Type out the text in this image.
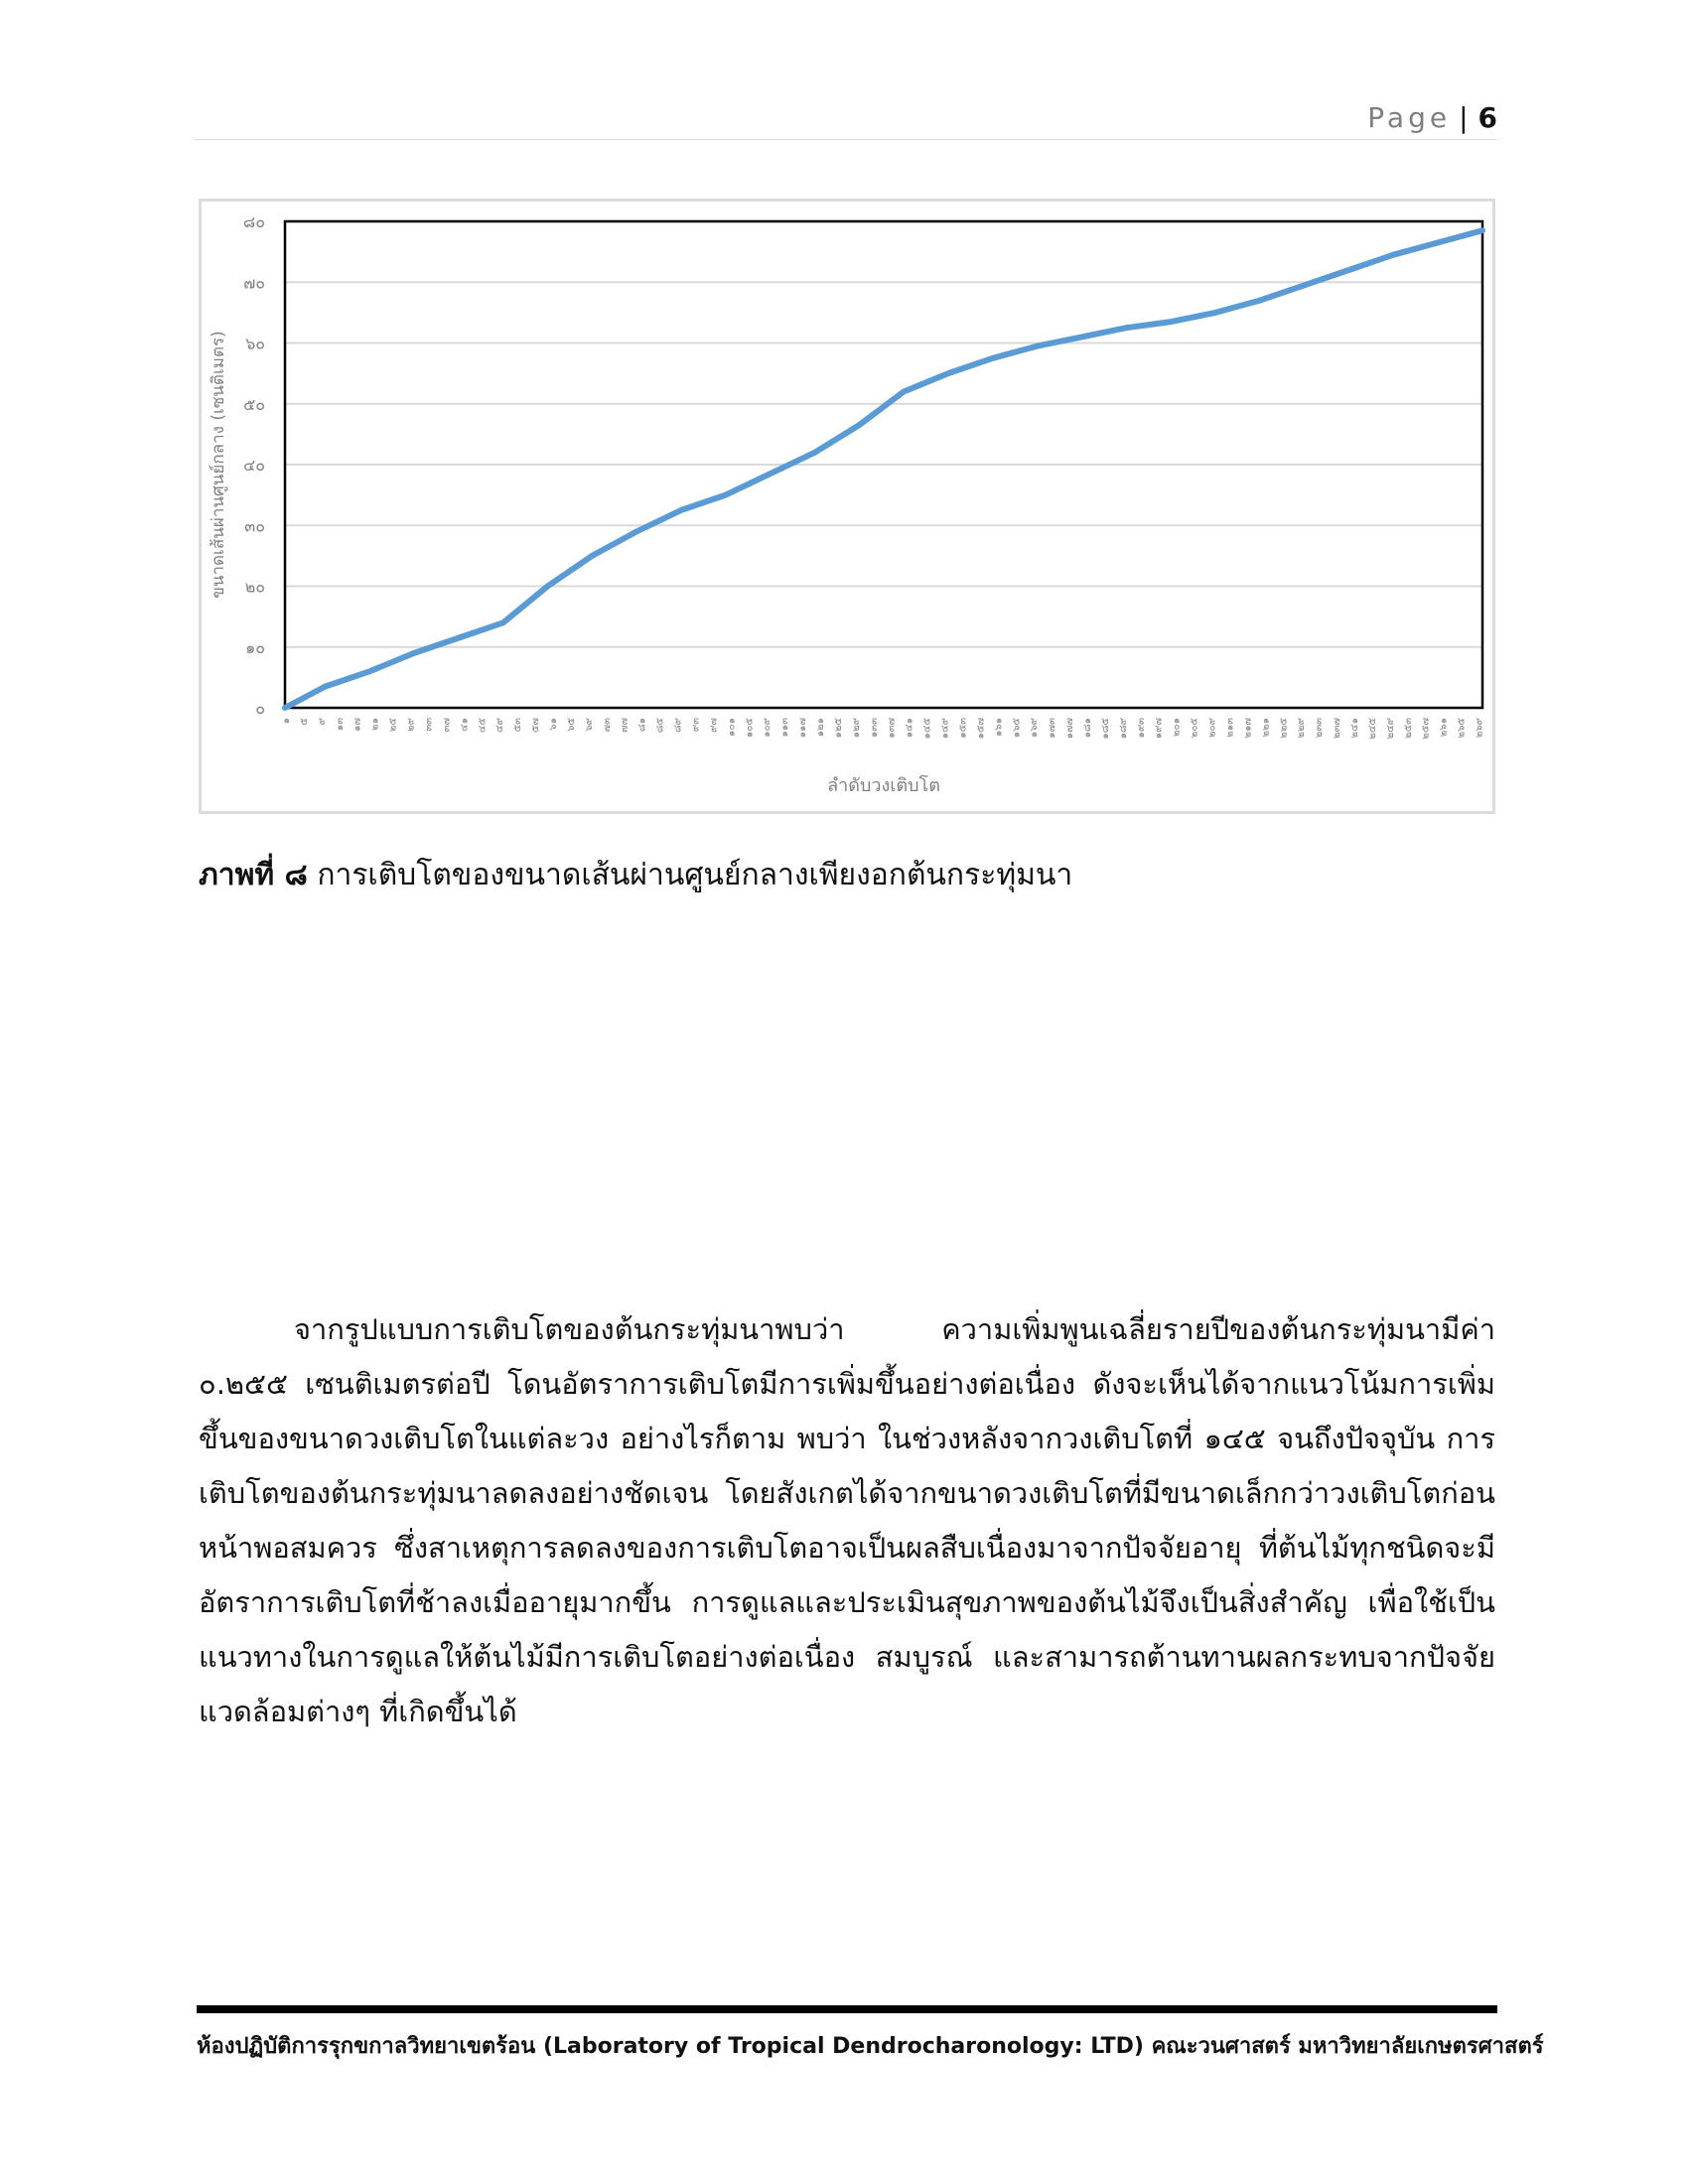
Page | 6
๐
๑๐
๒๐
๓๐
๔๐
๕๐
๖๐
๗๐
๘๐
๑ ๕ ๙ ๑๓ ๑๗ ๒๑ ๒๕ ๒๙ ๓๓ ๓๗ ๔๑ ๔๕ ๔๙ ๕๓ ๕๗ ๖๑ ๖๕ ๖๙ ๗๓ ๗๗ ๘๑ ๘๕ ๘๙ ๙๓ ๙๗ ๑๐๑ ๑๐๕ ๑๐๙ ๑๑๓ ๑๑๗ ๑๒๑ ๑๒๕ ๑๒๙ ๑๓๓ ๑๓๗ ๑๔๑ ๑๔๕ ๑๔๙ ๑๕๓ ๑๕๗ ๑๖๑ ๑๖๕ ๑๖๙ ๑๗๓ ๑๗๗ ๑๘๑ ๑๘๕ ๑๘๙ ๑๙๓ ๑๙๗ ๒๐๑ ๒๐๕ ๒๐๙ ๒๑๓ ๒๑๗ ๒๒๑ ๒๒๕ ๒๒๙ ๒๓๓ ๒๓๗ ๒๔๑ ๒๔๕ ๒๔๙ ๒๕๓ ๒๕๗ ๒๖๑ ๒๖๕ ๒๖๙
ลำดับวงเติบโต
ขนาดเส้นผ่านศูนย์กลาง (เซนติเมตร)
ภาพที่ ๘ การเติบโตของขนาดเส้นผ่านศูนย์กลางเพียงอกต้นกระทุ่มนา

จากรูปแบบการเติบโตของต้นกระทุ่มนาพบว่า ความเพิ่มพูนเฉลี่ยรายปีของต้นกระทุ่มนามีค่า ๐.๒๕๕ เซนติเมตรต่อปี โดนอัตราการเติบโตมีการเพิ่มขึ้นอย่างต่อเนื่อง ดังจะเห็นได้จากแนวโน้มการเพิ่มขึ้นของขนาดวงเติบโตในแต่ละวง อย่างไรก็ตาม พบว่า ในช่วงหลังจากวงเติบโตที่ ๑๔๕ จนถึงปัจจุบัน การเติบโตของต้นกระทุ่มนาลดลงอย่างชัดเจน โดยสังเกตได้จากขนาดวงเติบโตที่มีขนาดเล็กกว่าวงเติบโตก่อนหน้าพอสมควร ซึ่งสาเหตุการลดลงของการเติบโตอาจเป็นผลสืบเนื่องมาจากปัจจัยอายุ ที่ต้นไม้ทุกชนิดจะมีอัตราการเติบโตที่ช้าลงเมื่ออายุมากขึ้น การดูแลและประเมินสุขภาพของต้นไม้จึงเป็นสิ่งสำคัญ เพื่อใช้เป็นแนวทางในการดูแลให้ต้นไม้มีการเติบโตอย่างต่อเนื่อง สมบูรณ์ และสามารถต้านทานผลกระทบจากปัจจัยแวดล้อมต่างๆ ที่เกิดขึ้นได้

ห้องปฏิบัติการรุกขกาลวิทยาเขตร้อน (Laboratory of Tropical Dendrocharonology: LTD) คณะวนศาสตร์ มหาวิทยาลัยเกษตรศาสตร์
